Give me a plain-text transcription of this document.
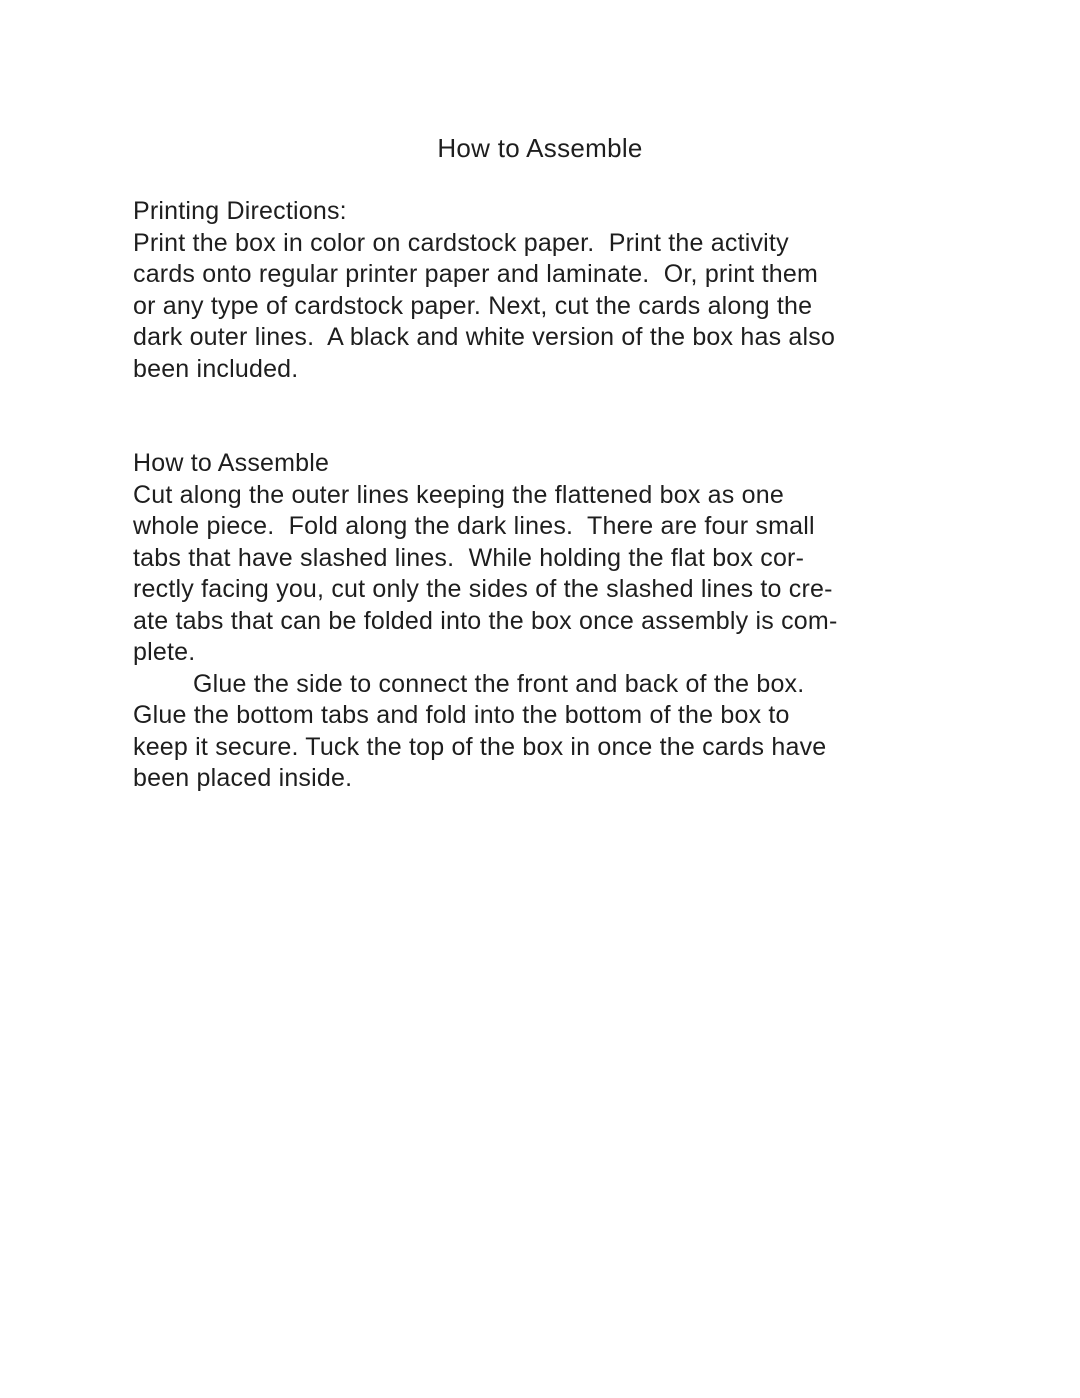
How to Assemble
Printing Directions:
Print the box in color on cardstock paper.  Print the activity
cards onto regular printer paper and laminate.  Or, print them
or any type of cardstock paper. Next, cut the cards along the
dark outer lines.  A black and white version of the box has also
been included.
How to Assemble
Cut along the outer lines keeping the flattened box as one
whole piece.  Fold along the dark lines.  There are four small
tabs that have slashed lines.  While holding the flat box cor-
rectly facing you, cut only the sides of the slashed lines to cre-
ate tabs that can be folded into the box once assembly is com-
plete.
Glue the side to connect the front and back of the box.
Glue the bottom tabs and fold into the bottom of the box to
keep it secure. Tuck the top of the box in once the cards have
been placed inside.
